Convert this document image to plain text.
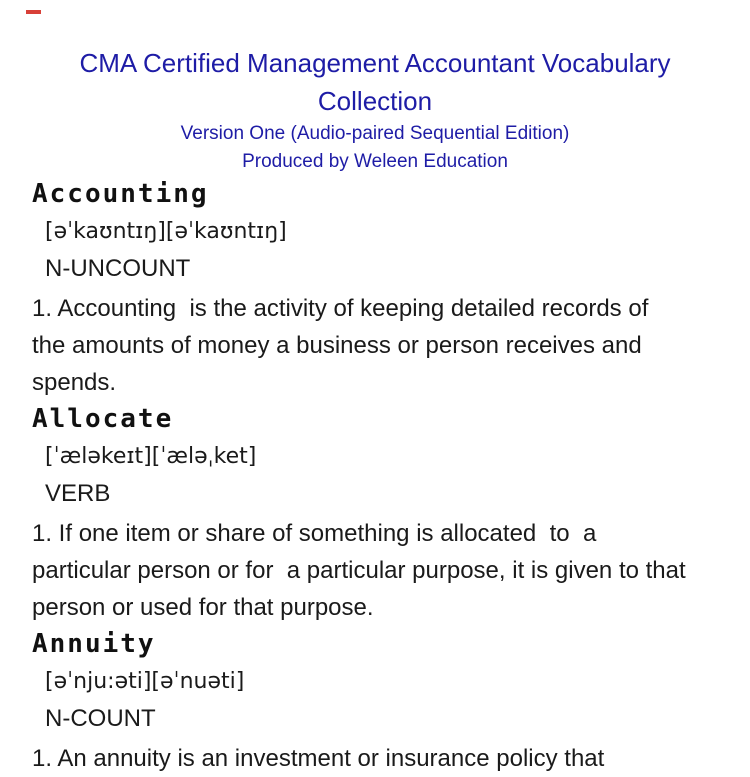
CMA Certified Management Accountant Vocabulary
Collection
Version One (Audio-paired Sequential Edition)
Produced by Weleen Education
Accounting
[əˈkaʊntɪŋ][əˈkaʊntɪŋ]
N-UNCOUNT
1. Accounting  is the activity of keeping detailed records of
the amounts of money a business or person receives and
spends.
Allocate
[ˈæləkeɪt][ˈæləˌket]
VERB
1. If one item or share of something is allocated  to  a
particular person or for  a particular purpose, it is given to that
person or used for that purpose.
Annuity
[əˈnju:əti][əˈnuəti]
N-COUNT
1. An annuity is an investment or insurance policy that
